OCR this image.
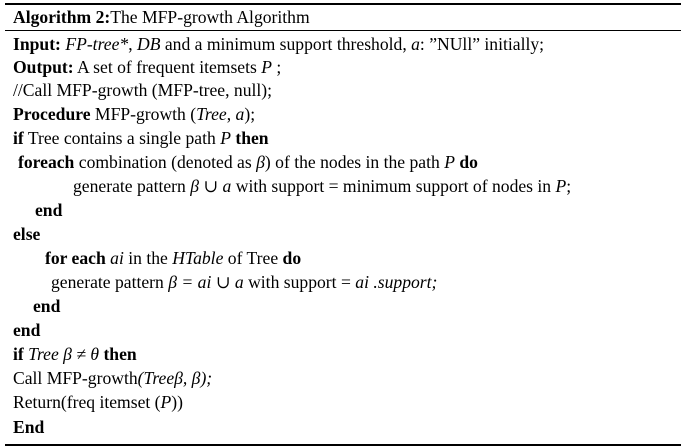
Algorithm 2:The MFP-growth Algorithm
Input: FP-tree*, DB and a minimum support threshold, a: ”NUll” initially;
Output: A set of frequent itemsets P ;
//Call MFP-growth (MFP-tree, null);
Procedure MFP-growth (Tree, a);
if Tree contains a single path P then
foreach combination (denoted as β) of the nodes in the path P do
generate pattern β ∪ a with support = minimum support of nodes in P;
end
else
for each ai in the HTable of Tree do
generate pattern β = ai ∪ a with support = ai .support;
end
end
if Tree β ≠ θ then
Call MFP-growth(Treeβ, β);
Return(freq itemset (P))
End
